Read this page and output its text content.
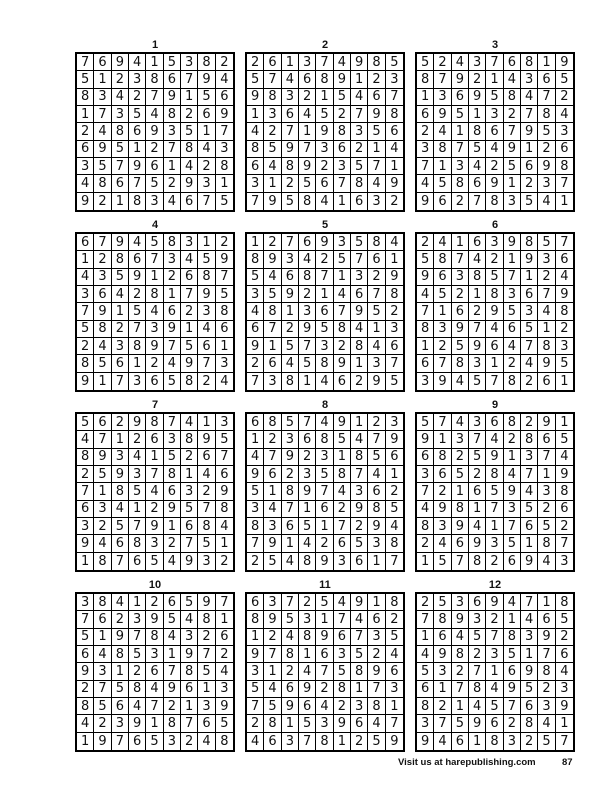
1
7 6 9 4 1 5 3 8 2
5 1 2 3 8 6 7 9 4
8 3 4 2 7 9 1 5 6
1 7 3 5 4 8 2 6 9
2 4 8 6 9 3 5 1 7
6 9 5 1 2 7 8 4 3
3 5 7 9 6 1 4 2 8
4 8 6 7 5 2 9 3 1
9 2 1 8 3 4 6 7 5
2
2 6 1 3 7 4 9 8 5
5 7 4 6 8 9 1 2 3
9 8 3 2 1 5 4 6 7
1 3 6 4 5 2 7 9 8
4 2 7 1 9 8 3 5 6
8 5 9 7 3 6 2 1 4
6 4 8 9 2 3 5 7 1
3 1 2 5 6 7 8 4 9
7 9 5 8 4 1 6 3 2
3
5 2 4 3 7 6 8 1 9
8 7 9 2 1 4 3 6 5
1 3 6 9 5 8 4 7 2
6 9 5 1 3 2 7 8 4
2 4 1 8 6 7 9 5 3
3 8 7 5 4 9 1 2 6
7 1 3 4 2 5 6 9 8
4 5 8 6 9 1 2 3 7
9 6 2 7 8 3 5 4 1
4
6 7 9 4 5 8 3 1 2
1 2 8 6 7 3 4 5 9
4 3 5 9 1 2 6 8 7
3 6 4 2 8 1 7 9 5
7 9 1 5 4 6 2 3 8
5 8 2 7 3 9 1 4 6
2 4 3 8 9 7 5 6 1
8 5 6 1 2 4 9 7 3
9 1 7 3 6 5 8 2 4
5
1 2 7 6 9 3 5 8 4
8 9 3 4 2 5 7 6 1
5 4 6 8 7 1 3 2 9
3 5 9 2 1 4 6 7 8
4 8 1 3 6 7 9 5 2
6 7 2 9 5 8 4 1 3
9 1 5 7 3 2 8 4 6
2 6 4 5 8 9 1 3 7
7 3 8 1 4 6 2 9 5
6
2 4 1 6 3 9 8 5 7
5 8 7 4 2 1 9 3 6
9 6 3 8 5 7 1 2 4
4 5 2 1 8 3 6 7 9
7 1 6 2 9 5 3 4 8
8 3 9 7 4 6 5 1 2
1 2 5 9 6 4 7 8 3
6 7 8 3 1 2 4 9 5
3 9 4 5 7 8 2 6 1
7
5 6 2 9 8 7 4 1 3
4 7 1 2 6 3 8 9 5
8 9 3 4 1 5 2 6 7
2 5 9 3 7 8 1 4 6
7 1 8 5 4 6 3 2 9
6 3 4 1 2 9 5 7 8
3 2 5 7 9 1 6 8 4
9 4 6 8 3 2 7 5 1
1 8 7 6 5 4 9 3 2
8
6 8 5 7 4 9 1 2 3
1 2 3 6 8 5 4 7 9
4 7 9 2 3 1 8 5 6
9 6 2 3 5 8 7 4 1
5 1 8 9 7 4 3 6 2
3 4 7 1 6 2 9 8 5
8 3 6 5 1 7 2 9 4
7 9 1 4 2 6 5 3 8
2 5 4 8 9 3 6 1 7
9
5 7 4 3 6 8 2 9 1
9 1 3 7 4 2 8 6 5
6 8 2 5 9 1 3 7 4
3 6 5 2 8 4 7 1 9
7 2 1 6 5 9 4 3 8
4 9 8 1 7 3 5 2 6
8 3 9 4 1 7 6 5 2
2 4 6 9 3 5 1 8 7
1 5 7 8 2 6 9 4 3
10
3 8 4 1 2 6 5 9 7
7 6 2 3 9 5 4 8 1
5 1 9 7 8 4 3 2 6
6 4 8 5 3 1 9 7 2
9 3 1 2 6 7 8 5 4
2 7 5 8 4 9 6 1 3
8 5 6 4 7 2 1 3 9
4 2 3 9 1 8 7 6 5
1 9 7 6 5 3 2 4 8
11
6 3 7 2 5 4 9 1 8
8 9 5 3 1 7 4 6 2
1 2 4 8 9 6 7 3 5
9 7 8 1 6 3 5 2 4
3 1 2 4 7 5 8 9 6
5 4 6 9 2 8 1 7 3
7 5 9 6 4 2 3 8 1
2 8 1 5 3 9 6 4 7
4 6 3 7 8 1 2 5 9
12
2 5 3 6 9 4 7 1 8
7 8 9 3 2 1 4 6 5
1 6 4 5 7 8 3 9 2
4 9 8 2 3 5 1 7 6
5 3 2 7 1 6 9 8 4
6 1 7 8 4 9 5 2 3
8 2 1 4 5 7 6 3 9
3 7 5 9 6 2 8 4 1
9 4 6 1 8 3 2 5 7
Visit us at harepublishing.com	87
